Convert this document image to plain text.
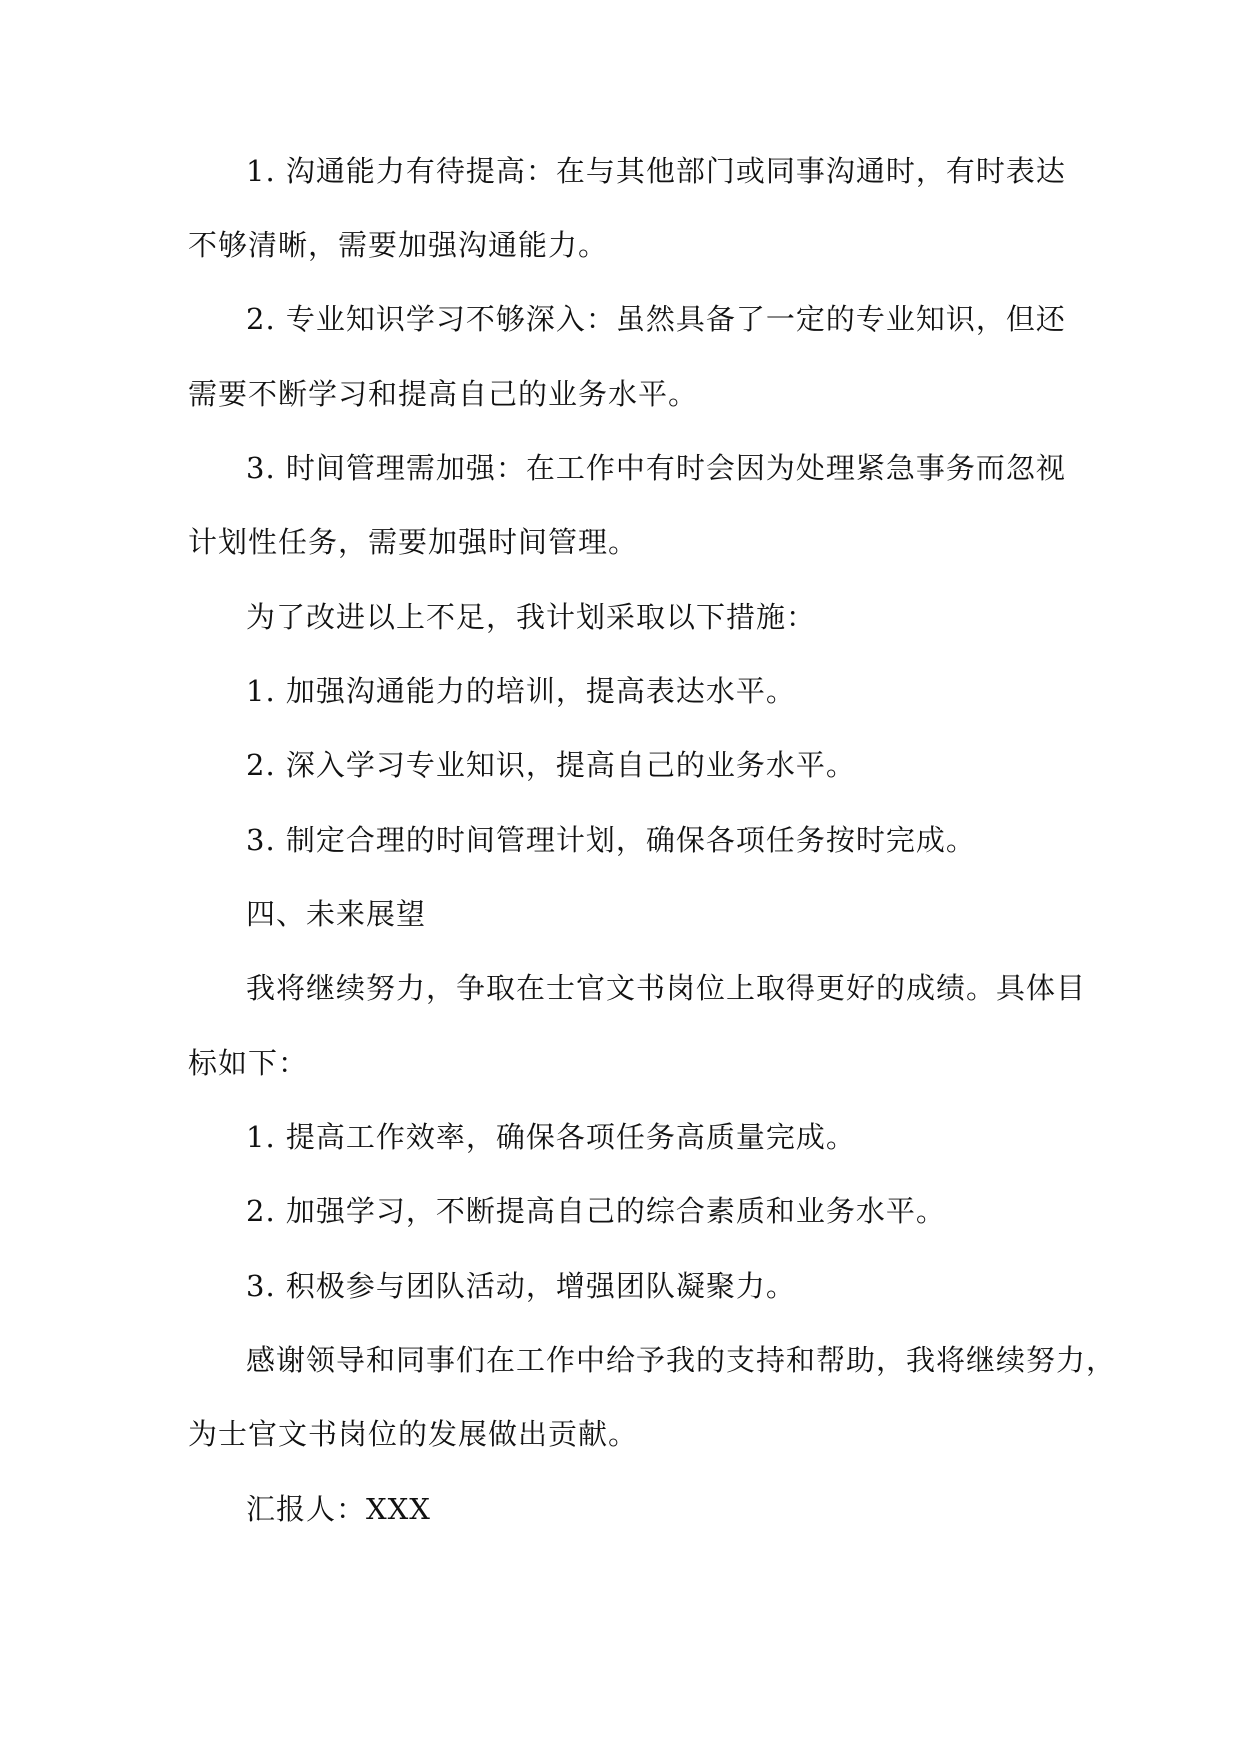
1. 沟通能力有待提高：在与其他部门或同事沟通时，有时表达
不够清晰，需要加强沟通能力。
2. 专业知识学习不够深入：虽然具备了一定的专业知识，但还
需要不断学习和提高自己的业务水平。
3. 时间管理需加强：在工作中有时会因为处理紧急事务而忽视
计划性任务，需要加强时间管理。
为了改进以上不足，我计划采取以下措施：
1. 加强沟通能力的培训，提高表达水平。
2. 深入学习专业知识，提高自己的业务水平。
3. 制定合理的时间管理计划，确保各项任务按时完成。
四、未来展望
我将继续努力，争取在士官文书岗位上取得更好的成绩。具体目
标如下：
1. 提高工作效率，确保各项任务高质量完成。
2. 加强学习，不断提高自己的综合素质和业务水平。
3. 积极参与团队活动，增强团队凝聚力。
感谢领导和同事们在工作中给予我的支持和帮助，我将继续努力，
为士官文书岗位的发展做出贡献。
汇报人：XXX
